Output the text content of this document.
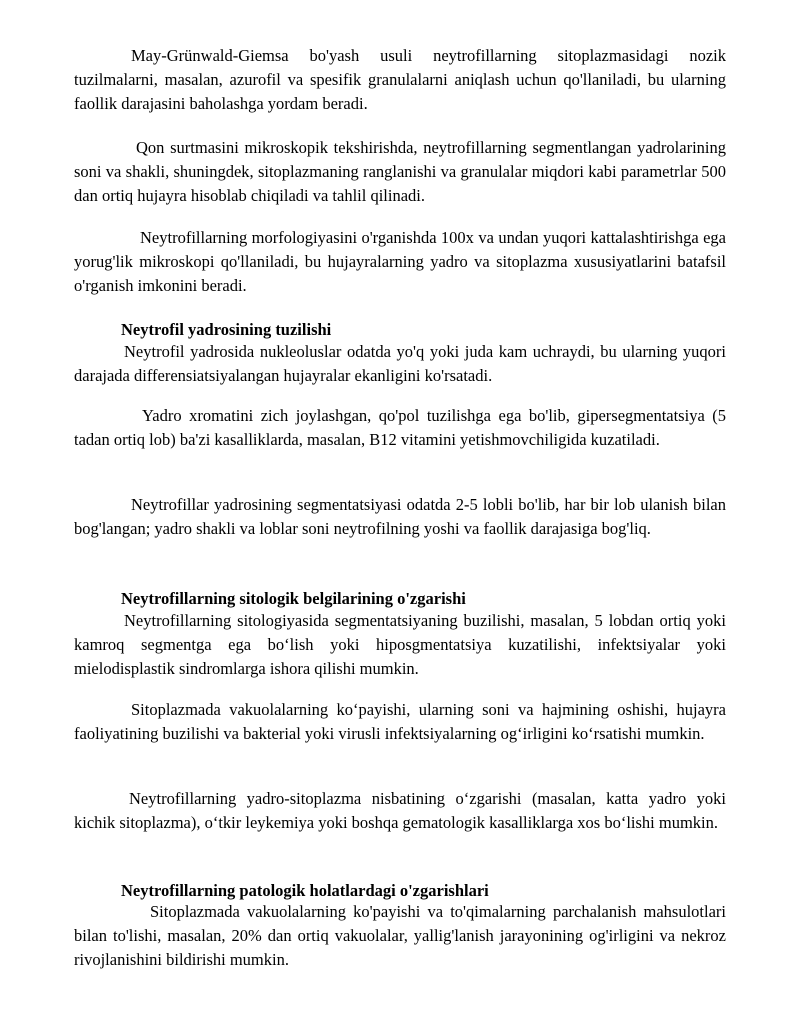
May-Grünwald-Giemsa bo'yash usuli neytrofillarning sitoplazmasidagi nozik tuzilmalarni, masalan, azurofil va spesifik granulalarni aniqlash uchun qo'llaniladi, bu ularning faollik darajasini baholashga yordam beradi.

Qon surtmasini mikroskopik tekshirishda, neytrofillarning segmentlangan yadrolarining soni va shakli, shuningdek, sitoplazmaning ranglanishi va granulalar miqdori kabi parametrlar 500 dan ortiq hujayra hisoblab chiqiladi va tahlil qilinadi.

Neytrofillarning morfologiyasini o'rganishda 100x va undan yuqori kattalashtirishga ega yorug'lik mikroskopi qo'llaniladi, bu hujayralarning yadro va sitoplazma xususiyatlarini batafsil o'rganish imkonini beradi.

Neytrofil yadrosining tuzilishi

Neytrofil yadrosida nukleoluslar odatda yo'q yoki juda kam uchraydi, bu ularning yuqori darajada differensiatsiyalangan hujayralar ekanligini ko'rsatadi.

Yadro xromatini zich joylashgan, qo'pol tuzilishga ega bo'lib, gipersegmentatsiya (5 tadan ortiq lob) ba'zi kasalliklarda, masalan, B12 vitamini yetishmovchiligida kuzatiladi.

Neytrofillar yadrosining segmentatsiyasi odatda 2-5 lobli bo'lib, har bir lob ulanish bilan bog'langan; yadro shakli va loblar soni neytrofilning yoshi va faollik darajasiga bog'liq.

Neytrofillarning sitologik belgilarining o'zgarishi

Neytrofillarning sitologiyasida segmentatsiyaning buzilishi, masalan, 5 lobdan ortiq yoki kamroq segmentga ega bo‘lish yoki hiposgmentatsiya kuzatilishi, infektsiyalar yoki mielodisplastik sindromlarga ishora qilishi mumkin.

Sitoplazmada vakuolalarning ko‘payishi, ularning soni va hajmining oshishi, hujayra faoliyatining buzilishi va bakterial yoki virusli infektsiyalarning og‘irligini ko‘rsatishi mumkin.

Neytrofillarning yadro-sitoplazma nisbatining o‘zgarishi (masalan, katta yadro yoki kichik sitoplazma), o‘tkir leykemiya yoki boshqa gematologik kasalliklarga xos bo‘lishi mumkin.

Neytrofillarning patologik holatlardagi o'zgarishlari

Sitoplazmada vakuolalarning ko'payishi va to'qimalarning parchalanish mahsulotlari bilan to'lishi, masalan, 20% dan ortiq vakuolalar, yallig'lanish jarayonining og'irligini va nekroz rivojlanishini bildirishi mumkin.
